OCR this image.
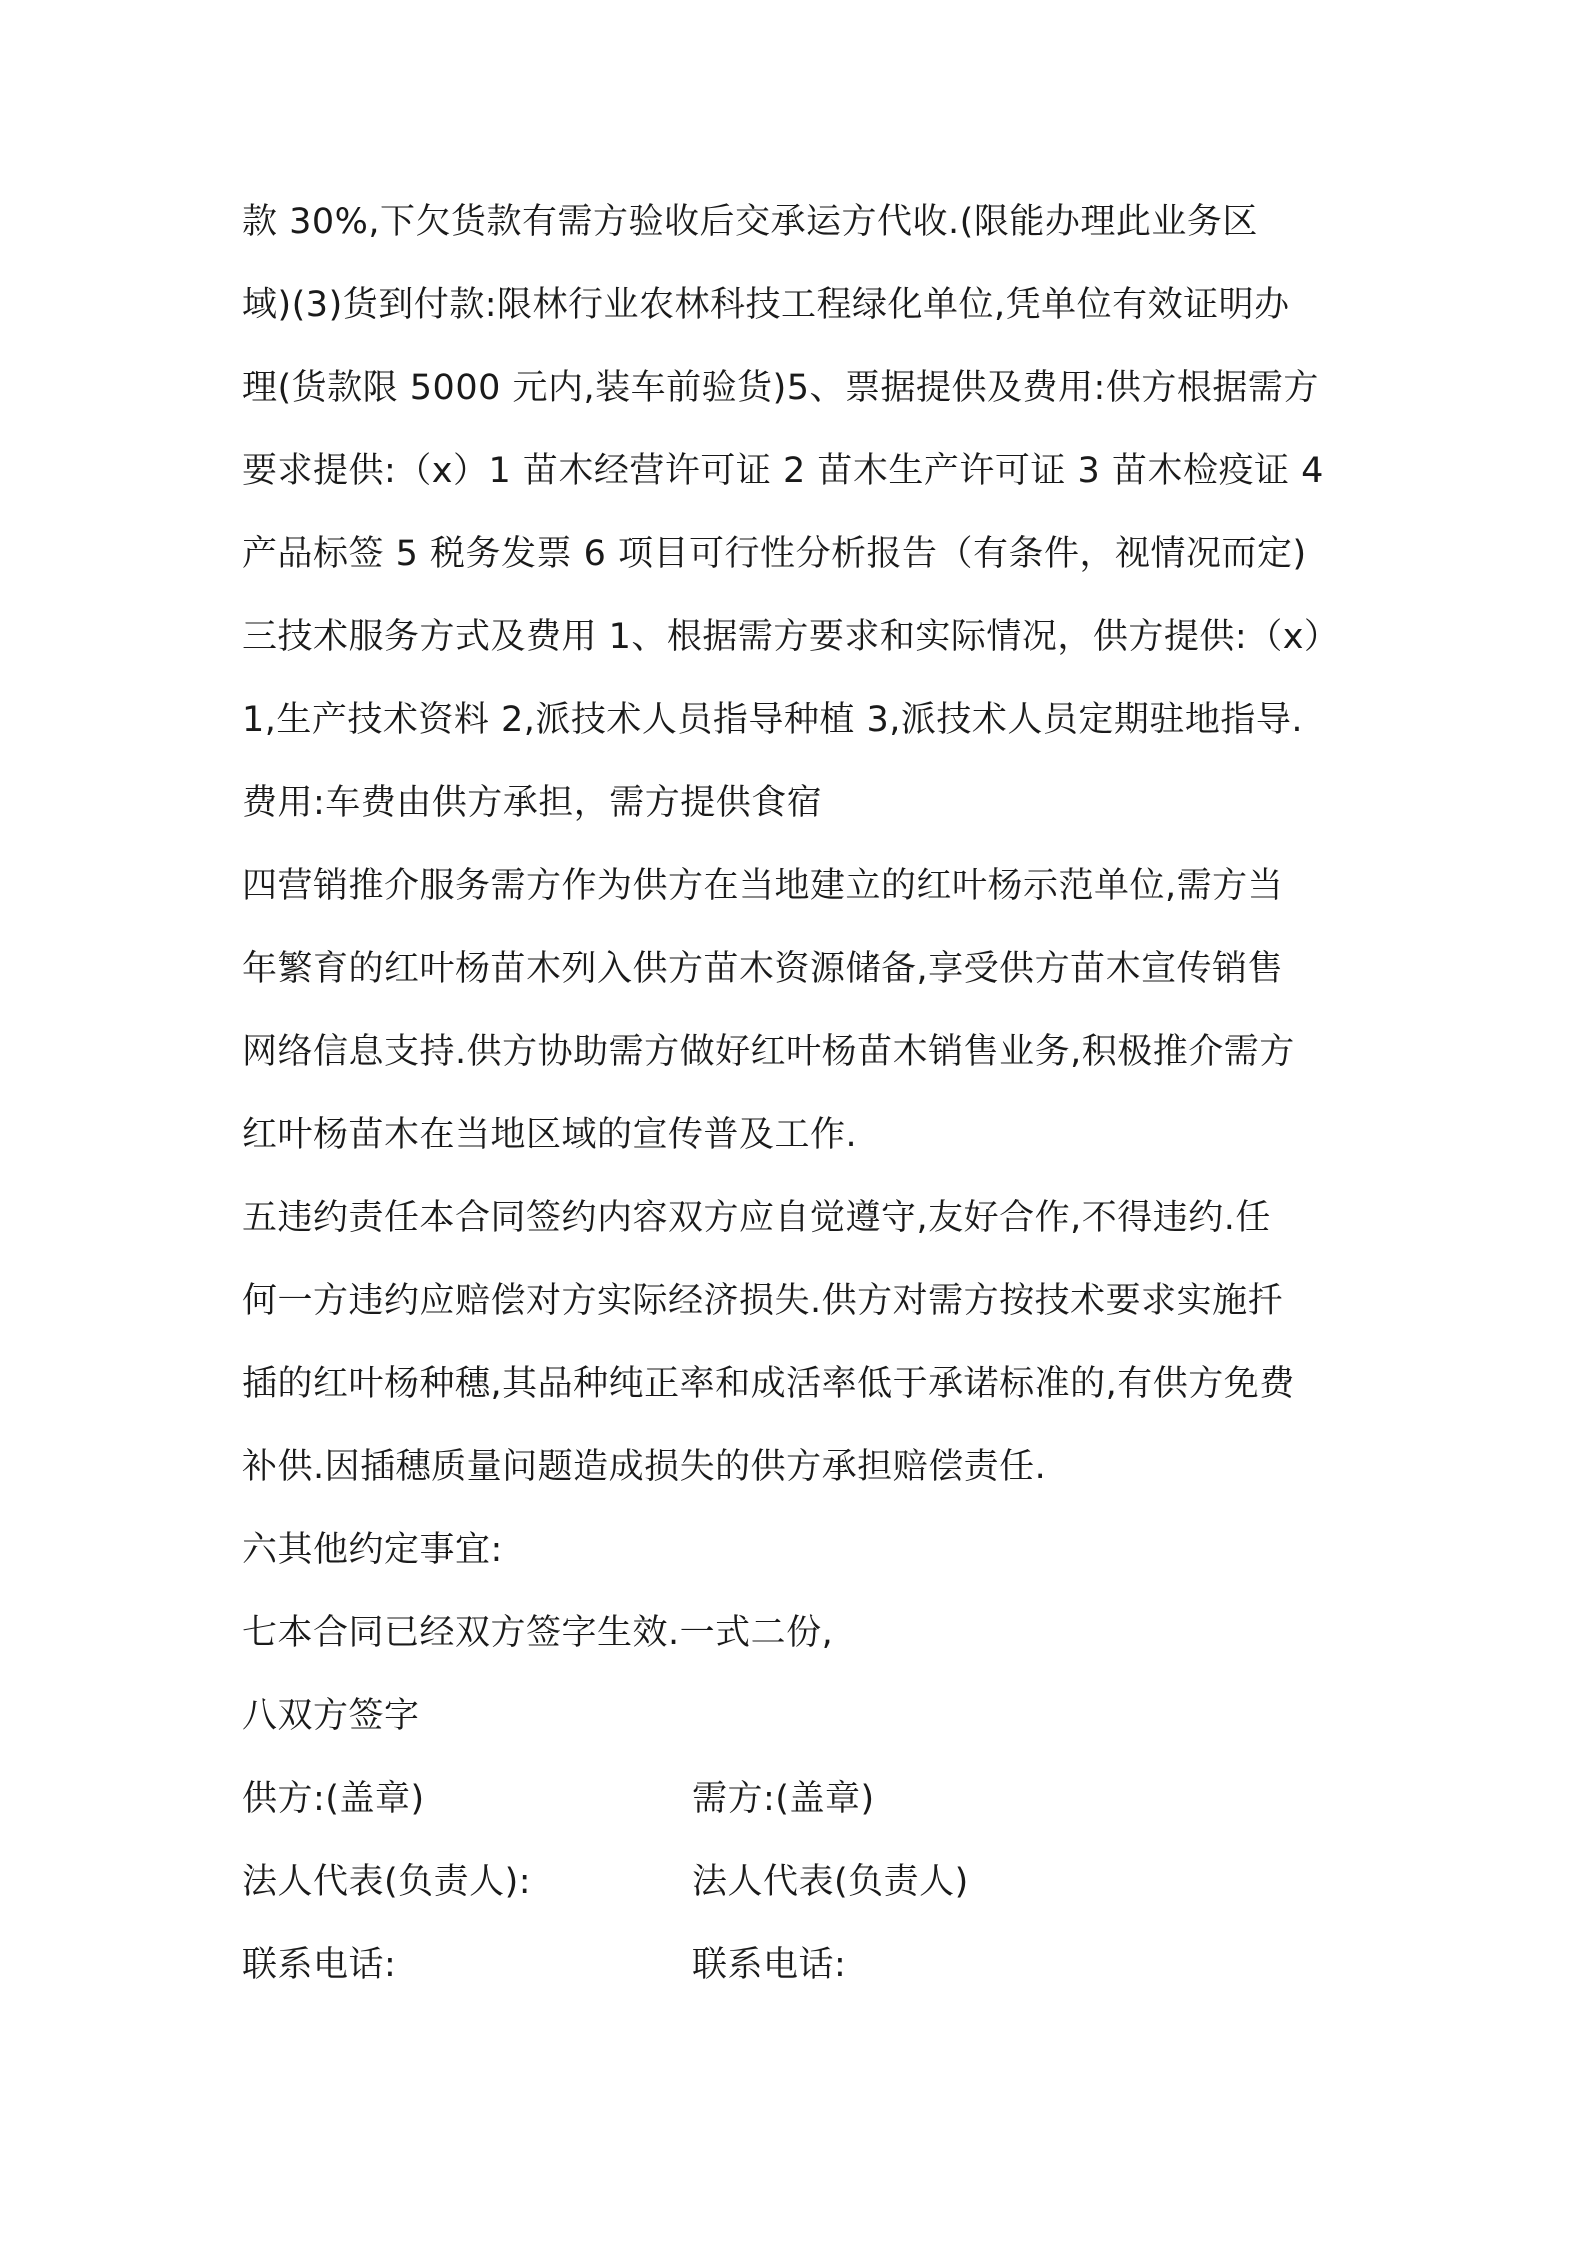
款 30%,下欠货款有需方验收后交承运方代收.(限能办理此业务区
域)(3)货到付款:限林行业农林科技工程绿化单位,凭单位有效证明办
理(货款限 5000 元内,装车前验货)5、票据提供及费用:供方根据需方
要求提供:（x）1 苗木经营许可证 2 苗木生产许可证 3 苗木检疫证 4
产品标签 5 税务发票 6 项目可行性分析报告（有条件，视情况而定)
三技术服务方式及费用 1、根据需方要求和实际情况，供方提供:（x）
1,生产技术资料 2,派技术人员指导种植 3,派技术人员定期驻地指导.
费用:车费由供方承担，需方提供食宿
四营销推介服务需方作为供方在当地建立的红叶杨示范单位,需方当
年繁育的红叶杨苗木列入供方苗木资源储备,享受供方苗木宣传销售
网络信息支持.供方协助需方做好红叶杨苗木销售业务,积极推介需方
红叶杨苗木在当地区域的宣传普及工作.
五违约责任本合同签约内容双方应自觉遵守,友好合作,不得违约.任
何一方违约应赔偿对方实际经济损失.供方对需方按技术要求实施扦
插的红叶杨种穗,其品种纯正率和成活率低于承诺标准的,有供方免费
补供.因插穗质量问题造成损失的供方承担赔偿责任.
六其他约定事宜:
七本合同已经双方签字生效.一式二份,
八双方签字
供方:(盖章)	需方:(盖章)
法人代表(负责人):	法人代表(负责人)
联系电话:	联系电话:
